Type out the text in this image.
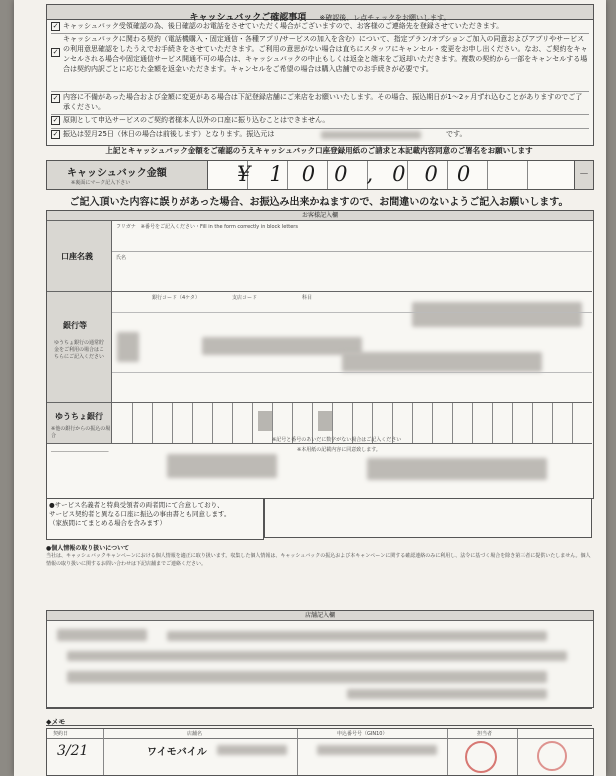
キャッシュバックご確認事項 ※確認後、レ点チェックをお願いします。
✓ キャッシュバック受領確認の為、後日確認のお電話をさせていただく場合がございますので、お客様のご連絡先を登録させていただきます。
✓
キャッシュバックに関わる契約（電話機購入・固定通信・各種アプリ/サービスの加入を含む）について、指定プラン/オプションご加入の同意およびアプリやサービスの利用意思確認をしたうえでお手続きをさせていただきます。ご利用の意思がない場合は直ちにスタッフにキャンセル・変更をお申し出ください。なお、ご契約をキャンセルされる場合や固定通信サービス開通不可の場合は、キャッシュバックの中止もしくは返金と端末をご返却いただきます。複数の契約から一部をキャンセルする場合は契約内訳ごとに応じた金額を返金いただきます。キャンセルをご希望の場合は購入店舗でのお手続きが必要です。
✓ 内容に不備があった場合および金額に変更がある場合は下記登録店舗にご来店をお願いいたします。その場合、振込期日が1〜2ヶ月ずれ込むことがありますのでご了承ください。
✓ 原則として申込サービスのご契約者様本人以外の口座に振り込むことはできません。
✓ 振込は翌月25日（休日の場合は前後します）となります。振込元は	です。
上記とキャッシュバック金額をご確認のうえキャッシュバック口座登録用紙のご請求と本記載内容同意のご署名をお願いします
キャッシュバック金額
※裏面にマーク記入下さい	¥100,000	－
ご記入頂いた内容に誤りがあった場合、お振込み出来かねますので、お間違いのないようご記入お願いします。
お客様記入欄
口座名義
フリガナ　※番号をご記入ください・Fill in the form correctly in block letters
氏名
銀行等
ゆうちょ銀行の通常貯金をご利用の場合はこちらにご記入ください
銀行コード（4ケタ）	支店コード	科目
ゆうちょ銀行
※他の銀行からの振込の場合
※記号と番号のあいだに数字がない場合はご記入ください
_______________________	※本用紙の記載内容に同意致します。
●サービス名義者と特典受領者の両者間にて合意しており、
サービス契約者と異なる口座に振込の事由書とも同意します。
（家族間にてまとめる場合を含みます）
●個人情報の取り扱いについて
当社は、キャッシュバックキャンペーンにおける個人情報を適正に取り扱います。収集した個人情報は、キャッシュバックの振込および本キャンペーンに関する確認連絡のみに利用し、法令に基づく場合を除き第三者に提供いたしません。個人情報の取り扱いに関するお問い合わせは下記店舗までご連絡ください。
店舗記入欄
◆メモ
契約日	店舗名	申込番号号（GIN10）	担当者
3/21	ワイモバイル
